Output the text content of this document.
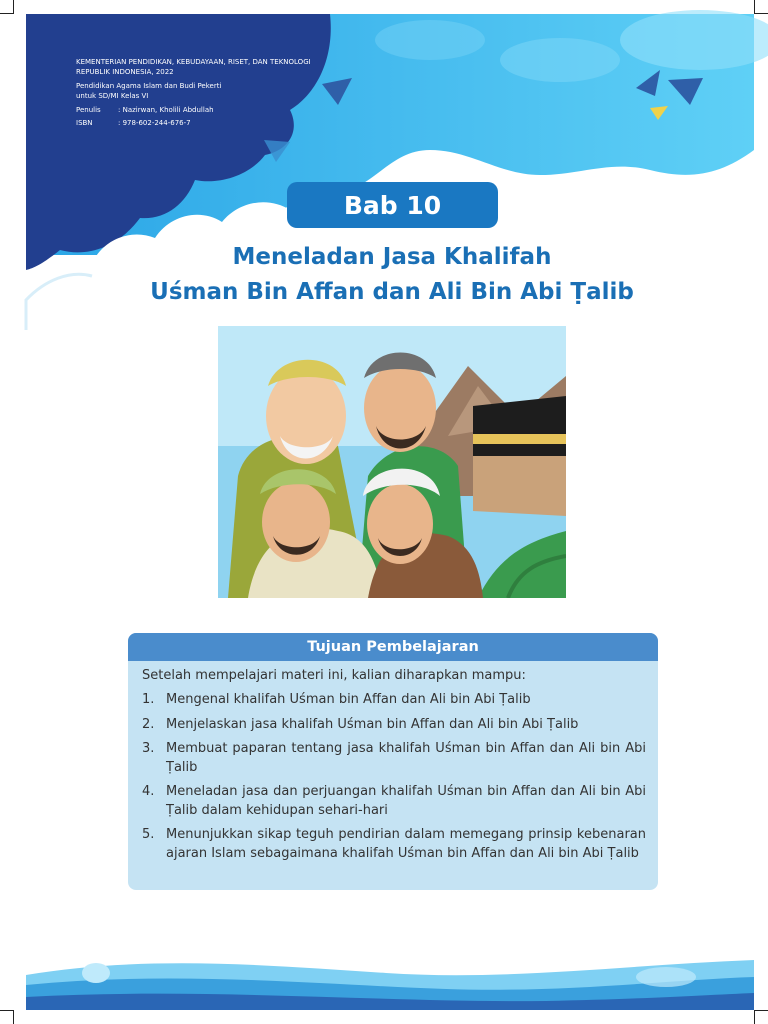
KEMENTERIAN PENDIDIKAN, KEBUDAYAAN, RISET, DAN TEKNOLOGI
REPUBLIK INDONESIA, 2022
Pendidikan Agama Islam dan Budi Pekerti
untuk SD/MI Kelas VI
Penulis	: Nazirwan, Kholili Abdullah
ISBN	: 978-602-244-676-7
Bab 10
Meneladan Jasa Khalifah
Uśman Bin Affan dan Ali Bin Abi Ṭalib
Tujuan Pembelajaran
Setelah mempelajari materi ini, kalian diharapkan mampu:
1. Mengenal khalifah Uśman bin Affan dan Ali bin Abi Ṭalib
2. Menjelaskan jasa khalifah Uśman bin Affan dan Ali bin Abi Ṭalib
3. Membuat paparan tentang jasa khalifah Uśman bin Affan dan Ali bin Abi Ṭalib
4. Meneladan jasa dan perjuangan khalifah Uśman bin Affan dan Ali bin Abi Ṭalib dalam kehidupan sehari-hari
5. Menunjukkan sikap teguh pendirian dalam memegang prinsip kebenaran ajaran Islam sebagaimana khalifah Uśman bin Affan dan Ali bin Abi Ṭalib
